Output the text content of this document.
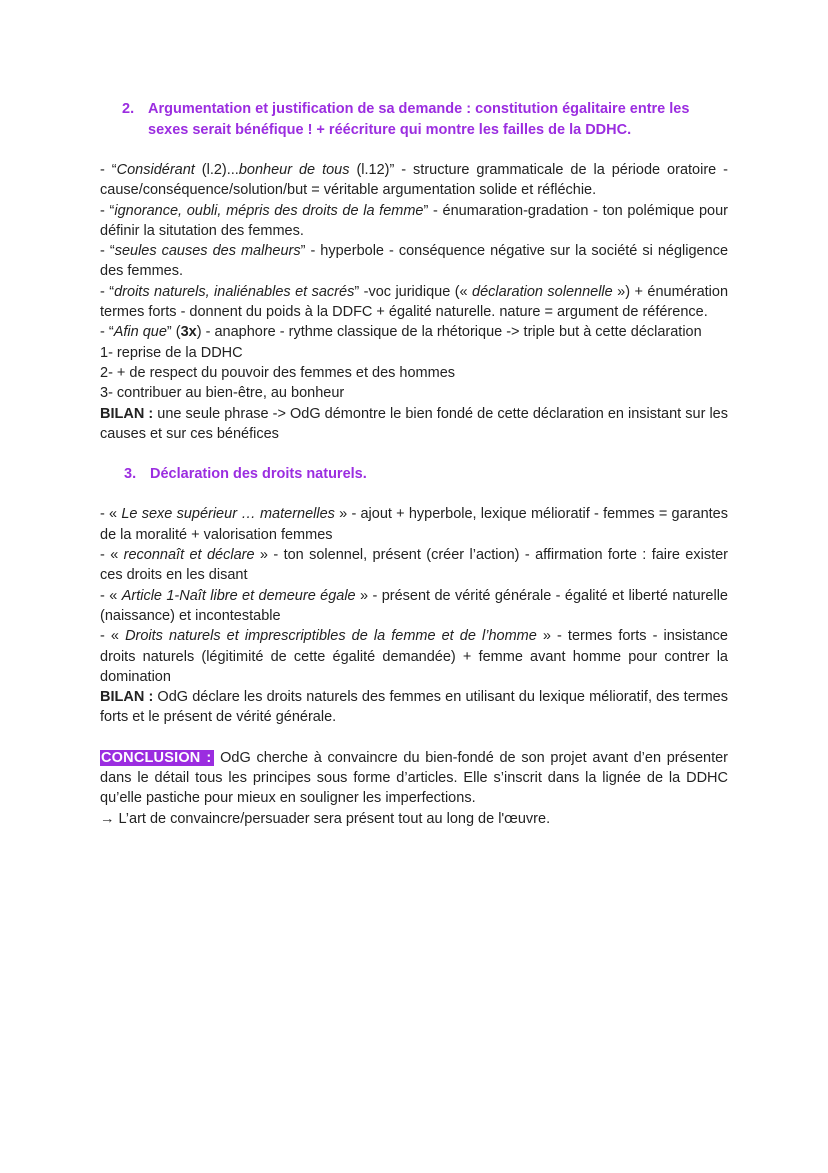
2. Argumentation et justification de sa demande : constitution égalitaire entre les sexes serait bénéfique ! + réécriture qui montre les failles de la DDHC.

- “Considérant (l.2)...bonheur de tous (l.12)” - structure grammaticale de la période oratoire - cause/conséquence/solution/but = véritable argumentation solide et réfléchie.

- “ignorance, oubli, mépris des droits de la femme” - énumaration-gradation - ton polémique pour définir la situtation des femmes.

- “seules causes des malheurs” - hyperbole - conséquence négative sur la société si négligence des femmes.

- “droits naturels, inaliénables et sacrés” -voc juridique (« déclaration solennelle ») + énumération termes forts - donnent du poids à la DDFC + égalité naturelle. nature = argument de référence.

- “Afin que” (3x) - anaphore - rythme classique de la rhétorique -> triple but à cette déclaration

1- reprise de la DDHC

2- + de respect du pouvoir des femmes et des hommes

3- contribuer au bien-être, au bonheur

BILAN : une seule phrase -> OdG démontre le bien fondé de cette déclaration en insistant sur les causes et sur ces bénéfices

3. Déclaration des droits naturels.

- « Le sexe supérieur … maternelles » - ajout + hyperbole, lexique mélioratif - femmes = garantes de la moralité + valorisation femmes

- « reconnaît et déclare » - ton solennel, présent (créer l’action) - affirmation forte : faire exister ces droits en les disant

- « Article 1-Naît libre et demeure égale » - présent de vérité générale - égalité et liberté naturelle (naissance) et incontestable

- « Droits naturels et imprescriptibles de la femme et de l’homme » - termes forts - insistance droits naturels (légitimité de cette égalité demandée) + femme avant homme pour contrer la domination

BILAN : OdG déclare les droits naturels des femmes en utilisant du lexique mélioratif, des termes forts et le présent de vérité générale.

CONCLUSION : OdG cherche à convaincre du bien-fondé de son projet avant d’en présenter dans le détail tous les principes sous forme d’articles. Elle s’inscrit dans la lignée de la DDHC qu’elle pastiche pour mieux en souligner les imperfections.

→ L’art de convaincre/persuader sera présent tout au long de l'œuvre.
